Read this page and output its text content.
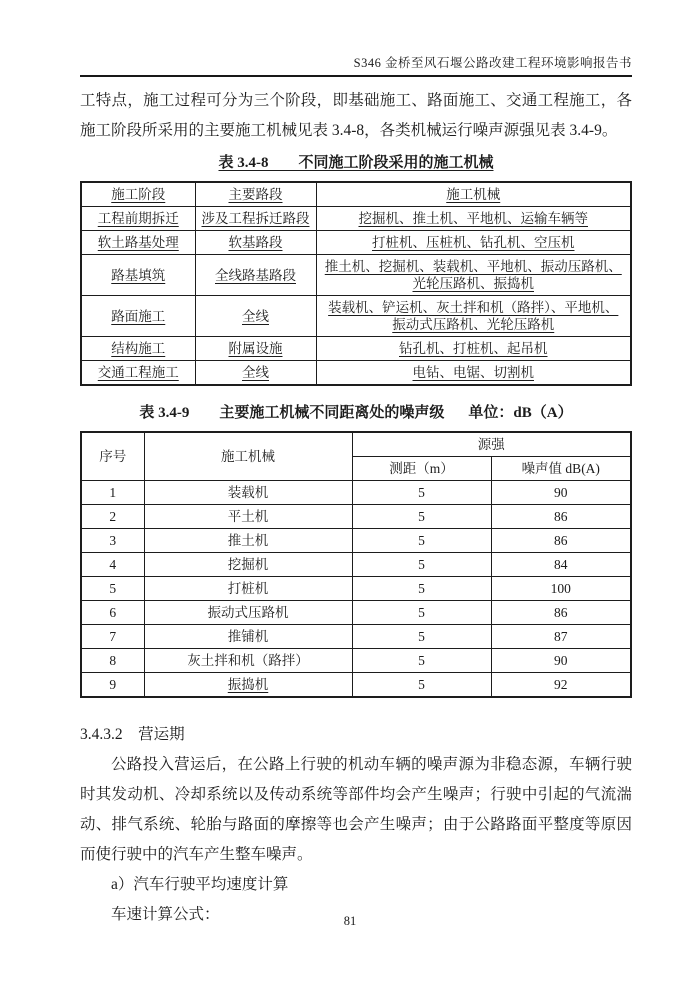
S346 金桥至风石堰公路改建工程环境影响报告书

工特点，施工过程可分为三个阶段，即基础施工、路面施工、交通工程施工，各施工阶段所采用的主要施工机械见表 3.4-8，各类机械运行噪声源强见表 3.4-9。

表 3.4-8　　不同施工阶段采用的施工机械
施工阶段	主要路段	施工机械
工程前期拆迁	涉及工程拆迁路段	挖掘机、推土机、平地机、运输车辆等
软土路基处理	软基路段	打桩机、压桩机、钻孔机、空压机
路基填筑	全线路基路段	推土机、挖掘机、装载机、平地机、振动压路机、光轮压路机、振捣机
路面施工	全线	装载机、铲运机、灰土拌和机（路拌）、平地机、振动式压路机、光轮压路机
结构施工	附属设施	钻孔机、打桩机、起吊机
交通工程施工	全线	电钻、电锯、切割机
表 3.4-9　　主要施工机械不同距离处的噪声级 单位：dB（A）
序号	施工机械	源强	
		测距（m）	噪声值 dB(A)
1	装载机	5	90
2	平土机	5	86
3	推土机	5	86
4	挖掘机	5	84
5	打桩机	5	100
6	振动式压路机	5	86
7	推铺机	5	87
8	灰土拌和机（路拌）	5	90
9	振捣机	5	92
3.4.3.2　营运期

公路投入营运后，在公路上行驶的机动车辆的噪声源为非稳态源，车辆行驶时其发动机、冷却系统以及传动系统等部件均会产生噪声；行驶中引起的气流湍动、排气系统、轮胎与路面的摩擦等也会产生噪声；由于公路路面平整度等原因而使行驶中的汽车产生整车噪声。

a）汽车行驶平均速度计算
车速计算公式：	81
